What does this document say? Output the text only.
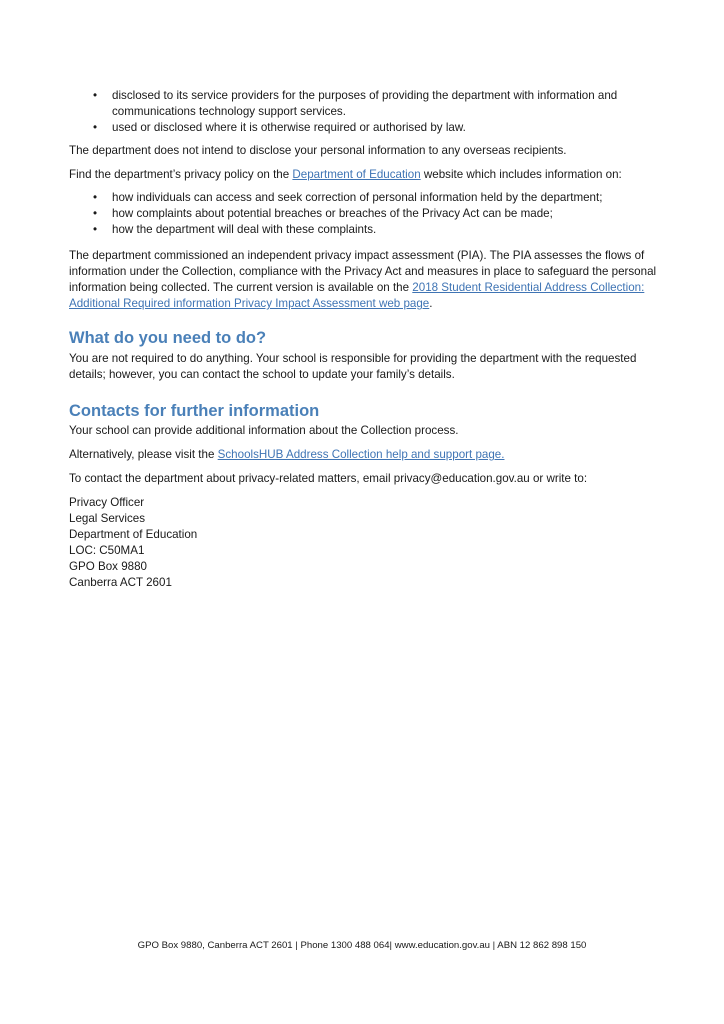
• disclosed to its service providers for the purposes of providing the department with information and communications technology support services.
• used or disclosed where it is otherwise required or authorised by law.

The department does not intend to disclose your personal information to any overseas recipients.

Find the department’s privacy policy on the Department of Education website which includes information on:

• how individuals can access and seek correction of personal information held by the department;
• how complaints about potential breaches or breaches of the Privacy Act can be made;
• how the department will deal with these complaints.

The department commissioned an independent privacy impact assessment (PIA). The PIA assesses the flows of information under the Collection, compliance with the Privacy Act and measures in place to safeguard the personal information being collected. The current version is available on the 2018 Student Residential Address Collection: Additional Required information Privacy Impact Assessment web page.

What do you need to do?

You are not required to do anything. Your school is responsible for providing the department with the requested details; however, you can contact the school to update your family’s details.

Contacts for further information

Your school can provide additional information about the Collection process.

Alternatively, please visit the SchoolsHUB Address Collection help and support page.

To contact the department about privacy-related matters, email privacy@education.gov.au or write to:

Privacy Officer
Legal Services
Department of Education
LOC: C50MA1
GPO Box 9880
Canberra ACT 2601
GPO Box 9880, Canberra ACT 2601 | Phone 1300 488 064| www.education.gov.au | ABN 12 862 898 150
